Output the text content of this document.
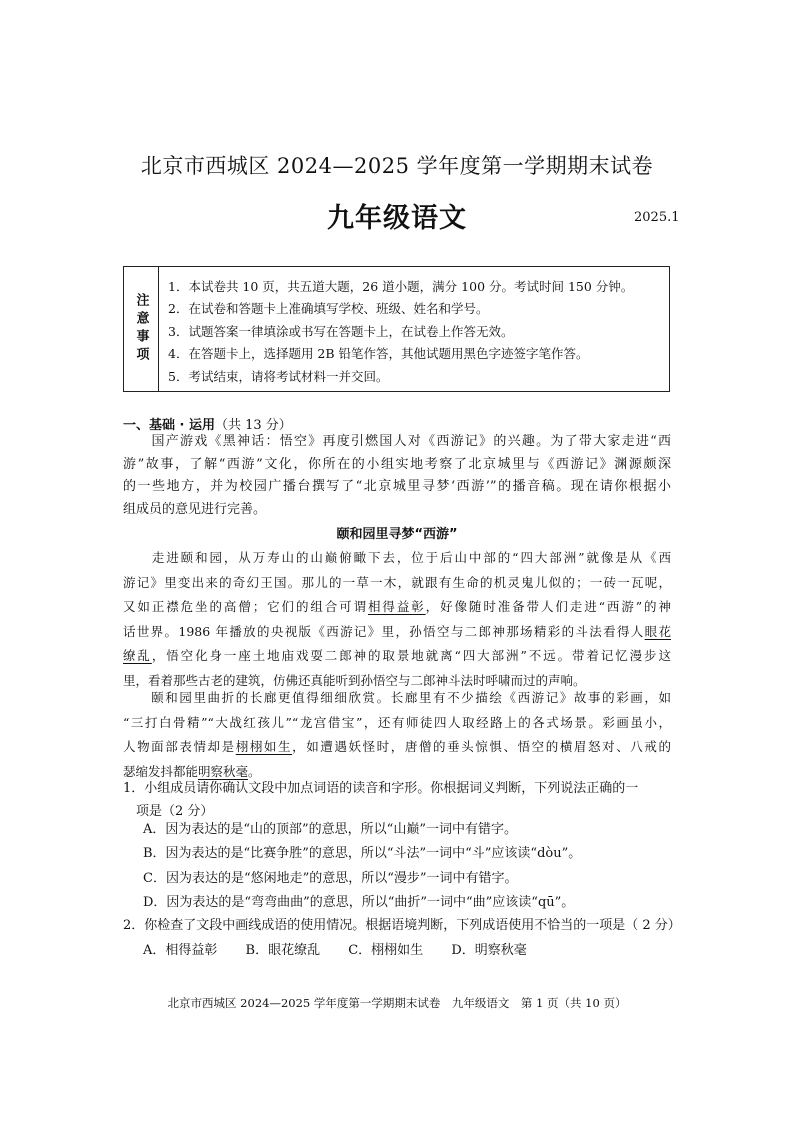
北京市西城区 2024—2025 学年度第一学期期末试卷
九年级语文	2025.1
注意事项
1．本试卷共 10 页，共五道大题，26 道小题，满分 100 分。考试时间 150 分钟。
2．在试卷和答题卡上准确填写学校、班级、姓名和学号。
3．试题答案一律填涂或书写在答题卡上，在试卷上作答无效。
4．在答题卡上，选择题用 2B 铅笔作答，其他试题用黑色字迹签字笔作答。
5．考试结束，请将考试材料一并交回。
一、基础 · 运用（共 13 分）
　　国产游戏《黑神话：悟空》再度引燃国人对《西游记》的兴趣。为了带大家走进“西
游”故事，了解“西游”文化，你所在的小组实地考察了北京城里与《西游记》渊源颇深
的一些地方，并为校园广播台撰写了“北京城里寻梦‘西游’”的播音稿。现在请你根据小
组成员的意见进行完善。
颐和园里寻梦“西游”
　　走进颐和园，从万寿山的山巅俯瞰下去，位于后山中部的“四大部洲”就像是从《西
游记》里变出来的奇幻王国。那儿的一草一木，就跟有生命的机灵鬼儿似的；一砖一瓦呢，
又如正襟危坐的高僧；它们的组合可谓相得益彰，好像随时准备带人们走进“西游”的神
话世界。1986 年播放的央视版《西游记》里，孙悟空与二郎神那场精彩的斗法看得人眼花
缭乱，悟空化身一座土地庙戏耍二郎神的取景地就离“四大部洲”不远。带着记忆漫步这
里，看着那些古老的建筑，仿佛还真能听到孙悟空与二郎神斗法时呼啸而过的声响。
　　颐和园里曲折的长廊更值得细细欣赏。长廊里有不少描绘《西游记》故事的彩画，如
“三打白骨精”“大战红孩儿”“龙宫借宝”，还有师徒四人取经路上的各式场景。彩画虽小，
人物面部表情却是栩栩如生，如遭遇妖怪时，唐僧的垂头惊惧、悟空的横眉怒对、八戒的
瑟缩发抖都能明察秋毫。
1．小组成员请你确认文段中加点词语的读音和字形。你根据词义判断，下列说法正确的一
　项是（2 分）
A．因为表达的是“山的顶部”的意思，所以“山巅”一词中有错字。
B．因为表达的是“比赛争胜”的意思，所以“斗法”一词中“斗”应该读“dòu”。
C．因为表达的是“悠闲地走”的意思，所以“漫步”一词中有错字。
D．因为表达的是“弯弯曲曲”的意思，所以“曲折”一词中“曲”应该读“qū”。
2．你检查了文段中画线成语的使用情况。根据语境判断，下列成语使用不恰当的一项是（ 2 分）
A．相得益彰 B．眼花缭乱 C．栩栩如生 D．明察秋毫
北京市西城区 2024—2025 学年度第一学期期末试卷　九年级语文　第 1 页（共 10 页）
